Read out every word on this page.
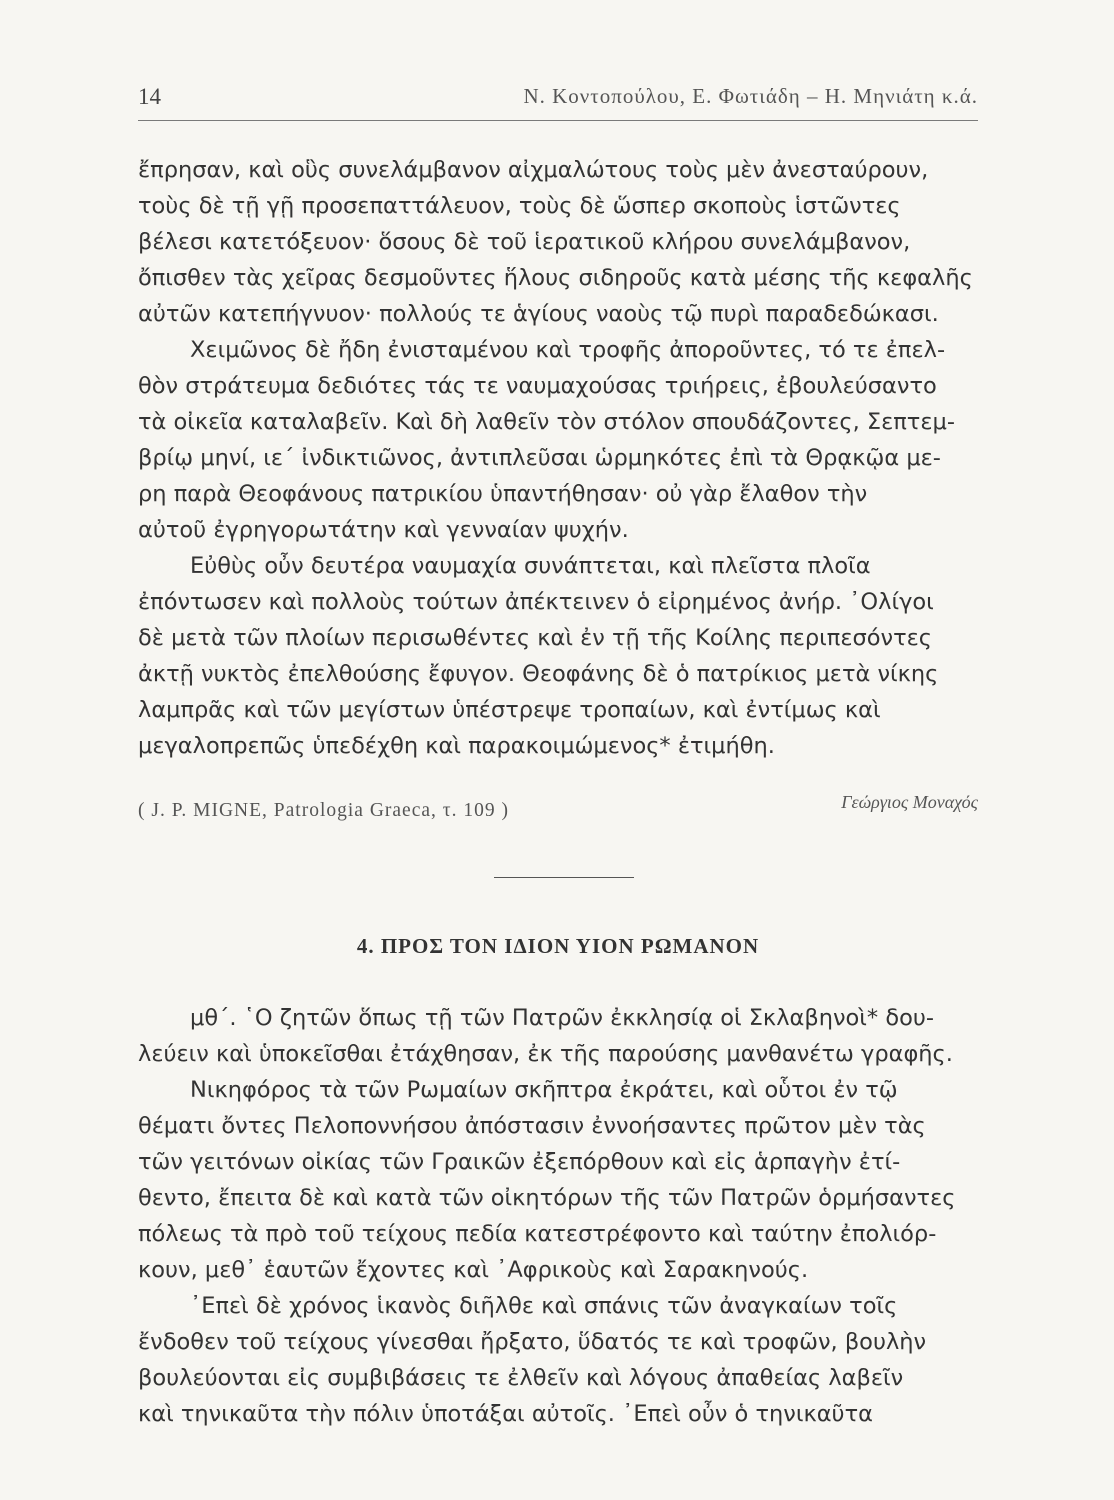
14	Ν. Κοντοπούλου, Ε. Φωτιάδη – Η. Μηνιάτη κ.ά.
ἔπρησαν, καὶ οὓς συνελάμβανον αἰχμαλώτους τοὺς μὲν ἀνεσταύρουν,
τοὺς δὲ τῇ γῇ προσεπαττάλευον, τοὺς δὲ ὥσπερ σκοποὺς ἱστῶντες
βέλεσι κατετόξευον· ὅσους δὲ τοῦ ἱερατικοῦ κλήρου συνελάμβανον,
ὄπισθεν τὰς χεῖρας δεσμοῦντες ἥλους σιδηροῦς κατὰ μέσης τῆς κεφαλῆς
αὐτῶν κατεπήγνυον· πολλούς τε ἁγίους ναοὺς τῷ πυρὶ παραδεδώκασι.
Χειμῶνος δὲ ἤδη ἐνισταμένου καὶ τροφῆς ἀποροῦντες, τό τε ἐπελ-
θὸν στράτευμα δεδιότες τάς τε ναυμαχούσας τριήρεις, ἐβουλεύσαντο
τὰ οἰκεῖα καταλαβεῖν. Καὶ δὴ λαθεῖν τὸν στόλον σπουδάζοντες, Σεπτεμ-
βρίῳ μηνί, ιε΄ ἰνδικτιῶνος, ἀντιπλεῦσαι ὡρμηκότες ἐπὶ τὰ Θρᾳκῷα με-
ρη παρὰ Θεοφάνους πατρικίου ὑπαντήθησαν· οὐ γὰρ ἔλαθον τὴν
αὐτοῦ ἐγρηγορωτάτην καὶ γενναίαν ψυχήν.
Εὐθὺς οὖν δευτέρα ναυμαχία συνάπτεται, καὶ πλεῖστα πλοῖα
ἐπόντωσεν καὶ πολλοὺς τούτων ἀπέκτεινεν ὁ εἰρημένος ἀνήρ. ᾿Ολίγοι
δὲ μετὰ τῶν πλοίων περισωθέντες καὶ ἐν τῇ τῆς Κοίλης περιπεσόντες
ἀκτῇ νυκτὸς ἐπελθούσης ἔφυγον. Θεοφάνης δὲ ὁ πατρίκιος μετὰ νίκης
λαμπρᾶς καὶ τῶν μεγίστων ὑπέστρεψε τροπαίων, καὶ ἐντίμως καὶ
μεγαλοπρεπῶς ὑπεδέχθη καὶ παρακοιμώμενος* ἐτιμήθη.
( J. P. MIGNE, Patrologia Graeca, τ. 109 )	Γεώργιος Μοναχός
4. ΠΡΟΣ ΤΟΝ ΙΔΙΟΝ ΥΙΟΝ ΡΩΜΑΝΟΝ
μθ΄. ῾Ο ζητῶν ὅπως τῇ τῶν Πατρῶν ἐκκλησίᾳ οἱ Σκλαβηνοὶ* δου-
λεύειν καὶ ὑποκεῖσθαι ἐτάχθησαν, ἐκ τῆς παρούσης μανθανέτω γραφῆς.
Νικηφόρος τὰ τῶν Ρωμαίων σκῆπτρα ἐκράτει, καὶ οὗτοι ἐν τῷ
θέματι ὄντες Πελοποννήσου ἀπόστασιν ἐννοήσαντες πρῶτον μὲν τὰς
τῶν γειτόνων οἰκίας τῶν Γραικῶν ἐξεπόρθουν καὶ εἰς ἁρπαγὴν ἐτί-
θεντο, ἔπειτα δὲ καὶ κατὰ τῶν οἰκητόρων τῆς τῶν Πατρῶν ὁρμήσαντες
πόλεως τὰ πρὸ τοῦ τείχους πεδία κατεστρέφοντο καὶ ταύτην ἐπολιόρ-
κουν, μεθ᾽ ἑαυτῶν ἔχοντες καὶ ᾿Αφρικοὺς καὶ Σαρακηνούς.
᾿Επεὶ δὲ χρόνος ἱκανὸς διῆλθε καὶ σπάνις τῶν ἀναγκαίων τοῖς
ἔνδοθεν τοῦ τείχους γίνεσθαι ἤρξατο, ὕδατός τε καὶ τροφῶν, βουλὴν
βουλεύονται εἰς συμβιβάσεις τε ἐλθεῖν καὶ λόγους ἀπαθείας λαβεῖν
καὶ τηνικαῦτα τὴν πόλιν ὑποτάξαι αὐτοῖς. ᾿Επεὶ οὖν ὁ τηνικαῦτα
